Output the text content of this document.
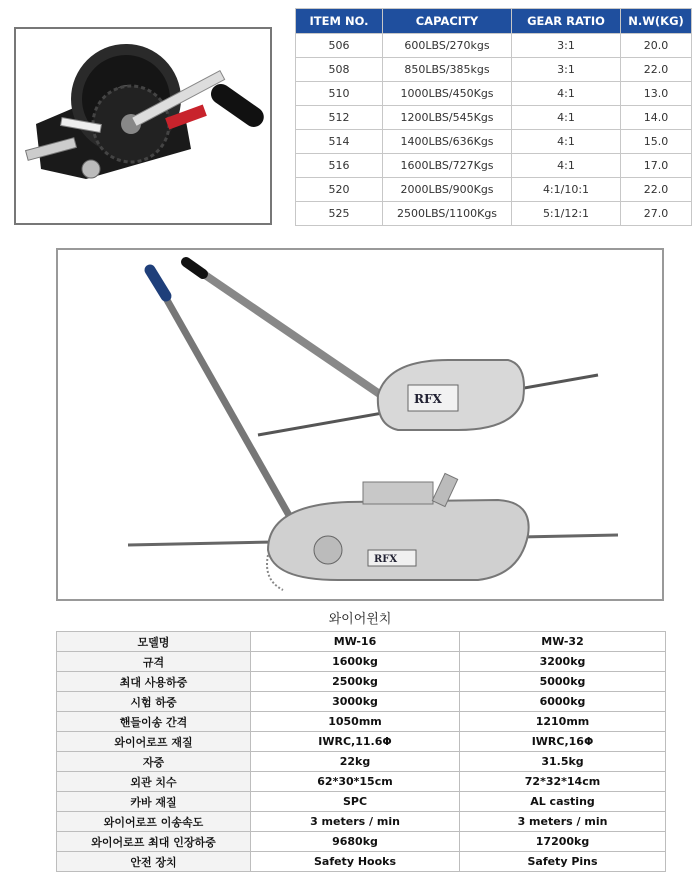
ITEM NO.	CAPACITY	GEAR RATIO	N.W(KG)
506	600LBS/270kgs	3:1	20.0
508	850LBS/385kgs	3:1	22.0
510	1000LBS/450Kgs	4:1	13.0
512	1200LBS/545Kgs	4:1	14.0
514	1400LBS/636Kgs	4:1	15.0
516	1600LBS/727Kgs	4:1	17.0
520	2000LBS/900Kgs	4:1/10:1	22.0
525	2500LBS/1100Kgs	5:1/12:1	27.0
RFX
RFX
와이어윈치
모델명	MW-16	MW-32
규격	1600kg	3200kg
최대 사용하중	2500kg	5000kg
시험 하중	3000kg	6000kg
핸들이송 간격	1050mm	1210mm
와이어로프 재질	IWRC,11.6Φ	IWRC,16Φ
자중	22kg	31.5kg
외관 치수	62*30*15cm	72*32*14cm
카바 재질	SPC	AL casting
와이어로프 이송속도	3 meters / min	3 meters / min
와이어로프 최대 인장하중	9680kg	17200kg
안전 장치	Safety Hooks	Safety Pins
